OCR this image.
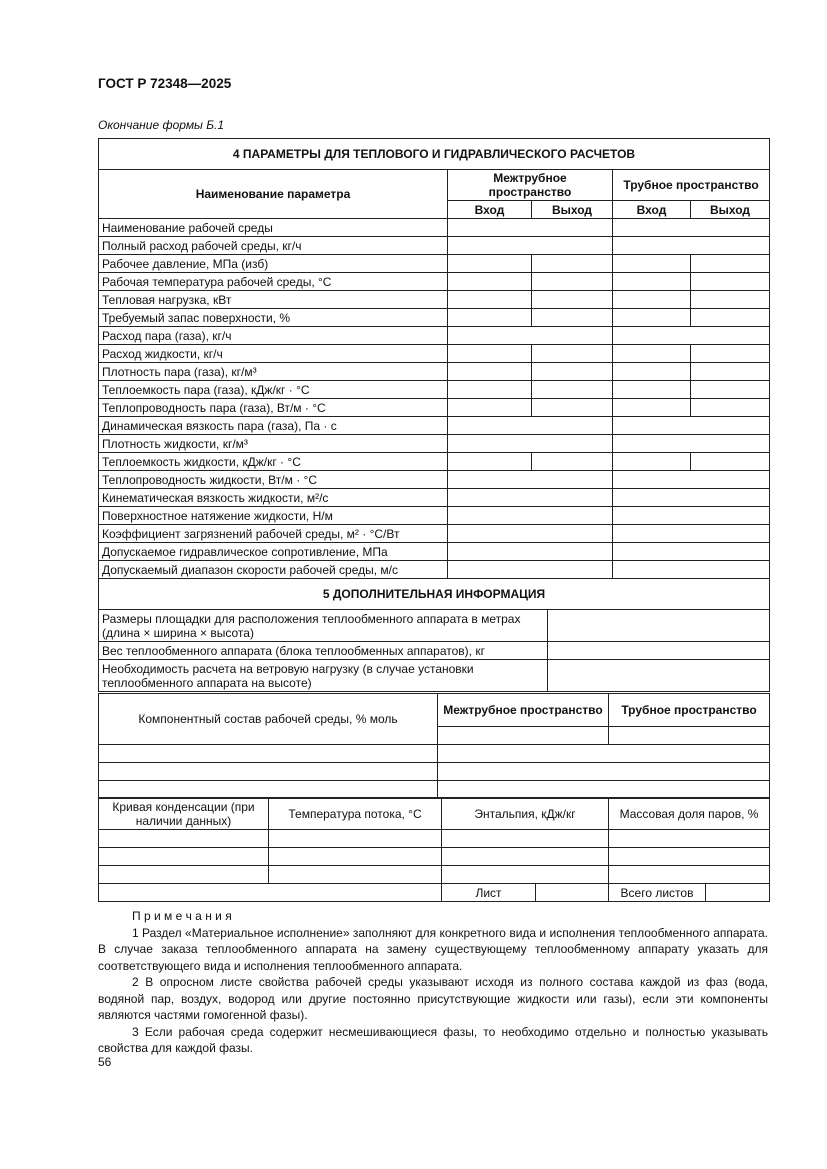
ГОСТ Р 72348—2025
Окончание формы Б.1
4 ПАРАМЕТРЫ ДЛЯ ТЕПЛОВОГО И ГИДРАВЛИЧЕСКОГО РАСЧЕТОВ				
Наименование параметра	Межтрубное пространство		Трубное пространство	
	Вход	Выход	Вход	Выход
Наименование рабочей среды				
Полный расход рабочей среды, кг/ч				
Рабочее давление, МПа (изб)				
Рабочая температура рабочей среды, °С				
Тепловая нагрузка, кВт				
Требуемый запас поверхности, %				
Расход пара (газа), кг/ч				
Расход жидкости, кг/ч				
Плотность пара (газа), кг/м³				
Теплоемкость пара (газа), кДж/кг · °С				
Теплопроводность пара (газа), Вт/м · °С				
Динамическая вязкость пара (газа), Па · с				
Плотность жидкости, кг/м³				
Теплоемкость жидкости, кДж/кг · °С				
Теплопроводность жидкости, Вт/м · °С				
Кинематическая вязкость жидкости, м²/с				
Поверхностное натяжение жидкости, Н/м				
Коэффициент загрязнений рабочей среды, м² · °С/Вт				
Допускаемое гидравлическое сопротивление, МПа				
Допускаемый диапазон скорости рабочей среды, м/с				
5 ДОПОЛНИТЕЛЬНАЯ ИНФОРМАЦИЯ	
Размеры площадки для расположения теплообменного аппарата в метрах (длина × ширина × высота)	
Вес теплообменного аппарата (блока теплообменных аппаратов), кг	
Необходимость расчета на ветровую нагрузку (в случае установки теплообменного аппарата на высоте)	
Компонентный состав рабочей среды, % моль	Межтрубное пространство	Трубное пространство

Кривая конденсации (при наличии данных)	Температура потока, °С	Энтальпия, кДж/кг		Массовая доля паров, %	

		Лист		Всего листов	

П р и м е ч а н и я

1 Раздел «Материальное исполнение» заполняют для конкретного вида и исполнения теплообменного аппарата. В случае заказа теплообменного аппарата на замену существующему теплообменному аппарату указать для соответствующего вида и исполнения теплообменного аппарата.

2 В опросном листе свойства рабочей среды указывают исходя из полного состава каждой из фаз (вода, водяной пар, воздух, водород или другие постоянно присутствующие жидкости или газы), если эти компоненты являются частями гомогенной фазы).

3 Если рабочая среда содержит несмешивающиеся фазы, то необходимо отдельно и полностью указывать свойства для каждой фазы.

56
